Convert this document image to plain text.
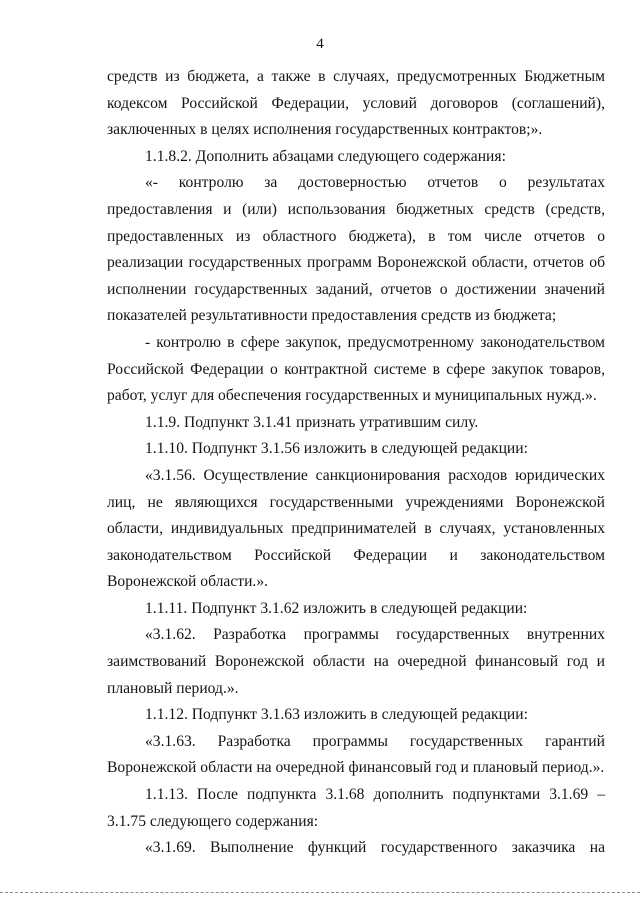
4

средств из бюджета, а также в случаях, предусмотренных Бюджетным кодексом Российской Федерации, условий договоров (соглашений), заключенных в целях исполнения государственных контрактов;».

1.1.8.2. Дополнить абзацами следующего содержания:

«- контролю за достоверностью отчетов о результатах предоставления и (или) использования бюджетных средств (средств, предоставленных из областного бюджета), в том числе отчетов о реализации государственных программ Воронежской области, отчетов об исполнении государственных заданий, отчетов о достижении значений показателей результативности предоставления средств из бюджета;

- контролю в сфере закупок, предусмотренному законодательством Российской Федерации о контрактной системе в сфере закупок товаров, работ, услуг для обеспечения государственных и муниципальных нужд.».

1.1.9. Подпункт 3.1.41 признать утратившим силу.

1.1.10. Подпункт 3.1.56 изложить в следующей редакции:

«3.1.56. Осуществление санкционирования расходов юридических лиц, не являющихся государственными учреждениями Воронежской области, индивидуальных предпринимателей в случаях, установленных законодательством Российской Федерации и законодательством Воронежской области.».

1.1.11. Подпункт 3.1.62 изложить в следующей редакции:

«3.1.62. Разработка программы государственных внутренних заимствований Воронежской области на очередной финансовый год и плановый период.».

1.1.12. Подпункт 3.1.63 изложить в следующей редакции:

«3.1.63. Разработка программы государственных гарантий Воронежской области на очередной финансовый год и плановый период.».

1.1.13. После подпункта 3.1.68 дополнить подпунктами 3.1.69 – 3.1.75 следующего содержания:

«3.1.69. Выполнение функций государственного заказчика на
